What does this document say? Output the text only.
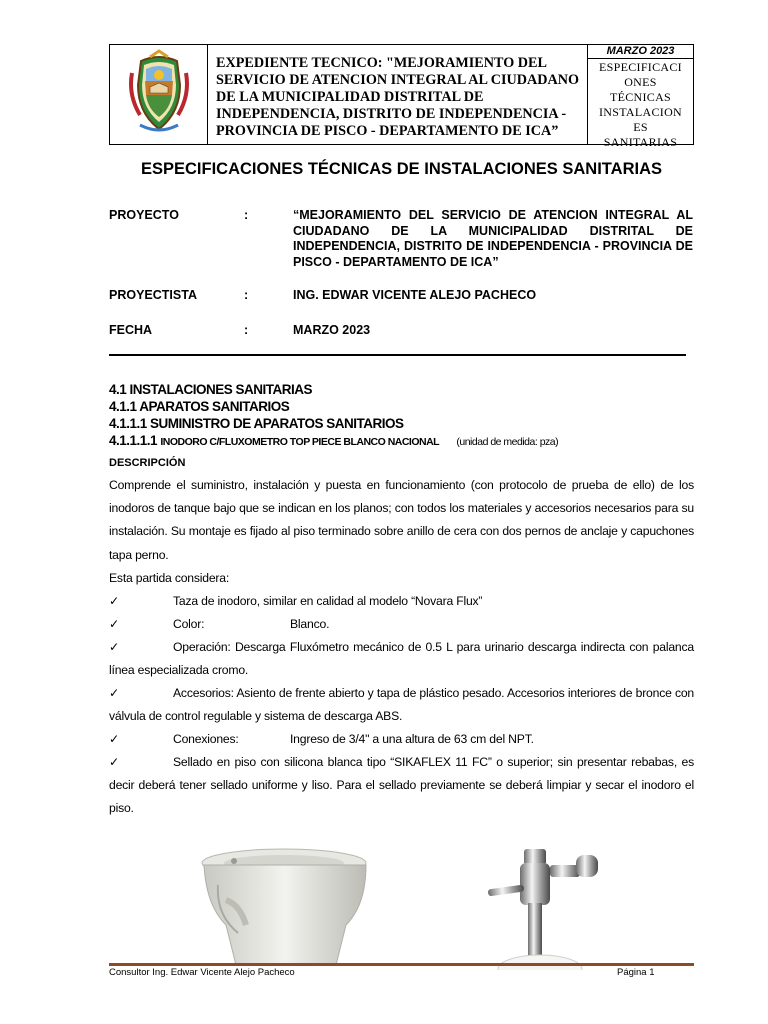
EXPEDIENTE TECNICO: "MEJORAMIENTO DEL SERVICIO DE ATENCION INTEGRAL AL CIUDADANO DE LA MUNICIPALIDAD DISTRITAL DE INDEPENDENCIA, DISTRITO DE INDEPENDENCIA - PROVINCIA DE PISCO - DEPARTAMENTO DE ICA”
MARZO 2023
ESPECIFICACI
ONES
TÉCNICAS
INSTALACION
ES
SANITARIAS
ESPECIFICACIONES TÉCNICAS DE INSTALACIONES SANITARIAS
PROYECTO	:	“MEJORAMIENTO DEL SERVICIO DE ATENCION INTEGRAL AL CIUDADANO DE LA MUNICIPALIDAD DISTRITAL DE INDEPENDENCIA, DISTRITO DE INDEPENDENCIA - PROVINCIA DE PISCO - DEPARTAMENTO DE ICA”
PROYECTISTA	:	ING. EDWAR VICENTE ALEJO PACHECO
FECHA	:	MARZO 2023
4.1 INSTALACIONES SANITARIAS
4.1.1 APARATOS SANITARIOS
4.1.1.1 SUMINISTRO DE APARATOS SANITARIOS
4.1.1.1.1 INODORO C/FLUXOMETRO TOP PIECE BLANCO NACIONAL (unidad de medida: pza)
DESCRIPCIÓN
Comprende el suministro, instalación y puesta en funcionamiento (con protocolo de prueba de ello) de los inodoros de tanque bajo que se indican en los planos; con todos los materiales y accesorios necesarios para su instalación. Su montaje es fijado al piso terminado sobre anillo de cera con dos pernos de anclaje y capuchones tapa perno.
Esta partida considera:
✓	Taza de inodoro, similar en calidad al modelo “Novara Flux”
✓	Color:	Blanco.
✓	Operación: Descarga Fluxómetro mecánico de 0.5 L para urinario descarga indirecta con palanca línea especializada cromo.
✓	Accesorios: Asiento de frente abierto y tapa de plástico pesado. Accesorios interiores de bronce con válvula de control regulable y sistema de descarga ABS.
✓	Conexiones:	Ingreso de 3/4" a una altura de 63 cm del NPT.
✓	Sellado en piso con silicona blanca tipo “SIKAFLEX 11 FC” o superior; sin presentar rebabas, es decir deberá tener sellado uniforme y liso. Para el sellado previamente se deberá limpiar y secar el inodoro el piso.
Consultor Ing. Edwar Vicente Alejo Pacheco	Página 1
